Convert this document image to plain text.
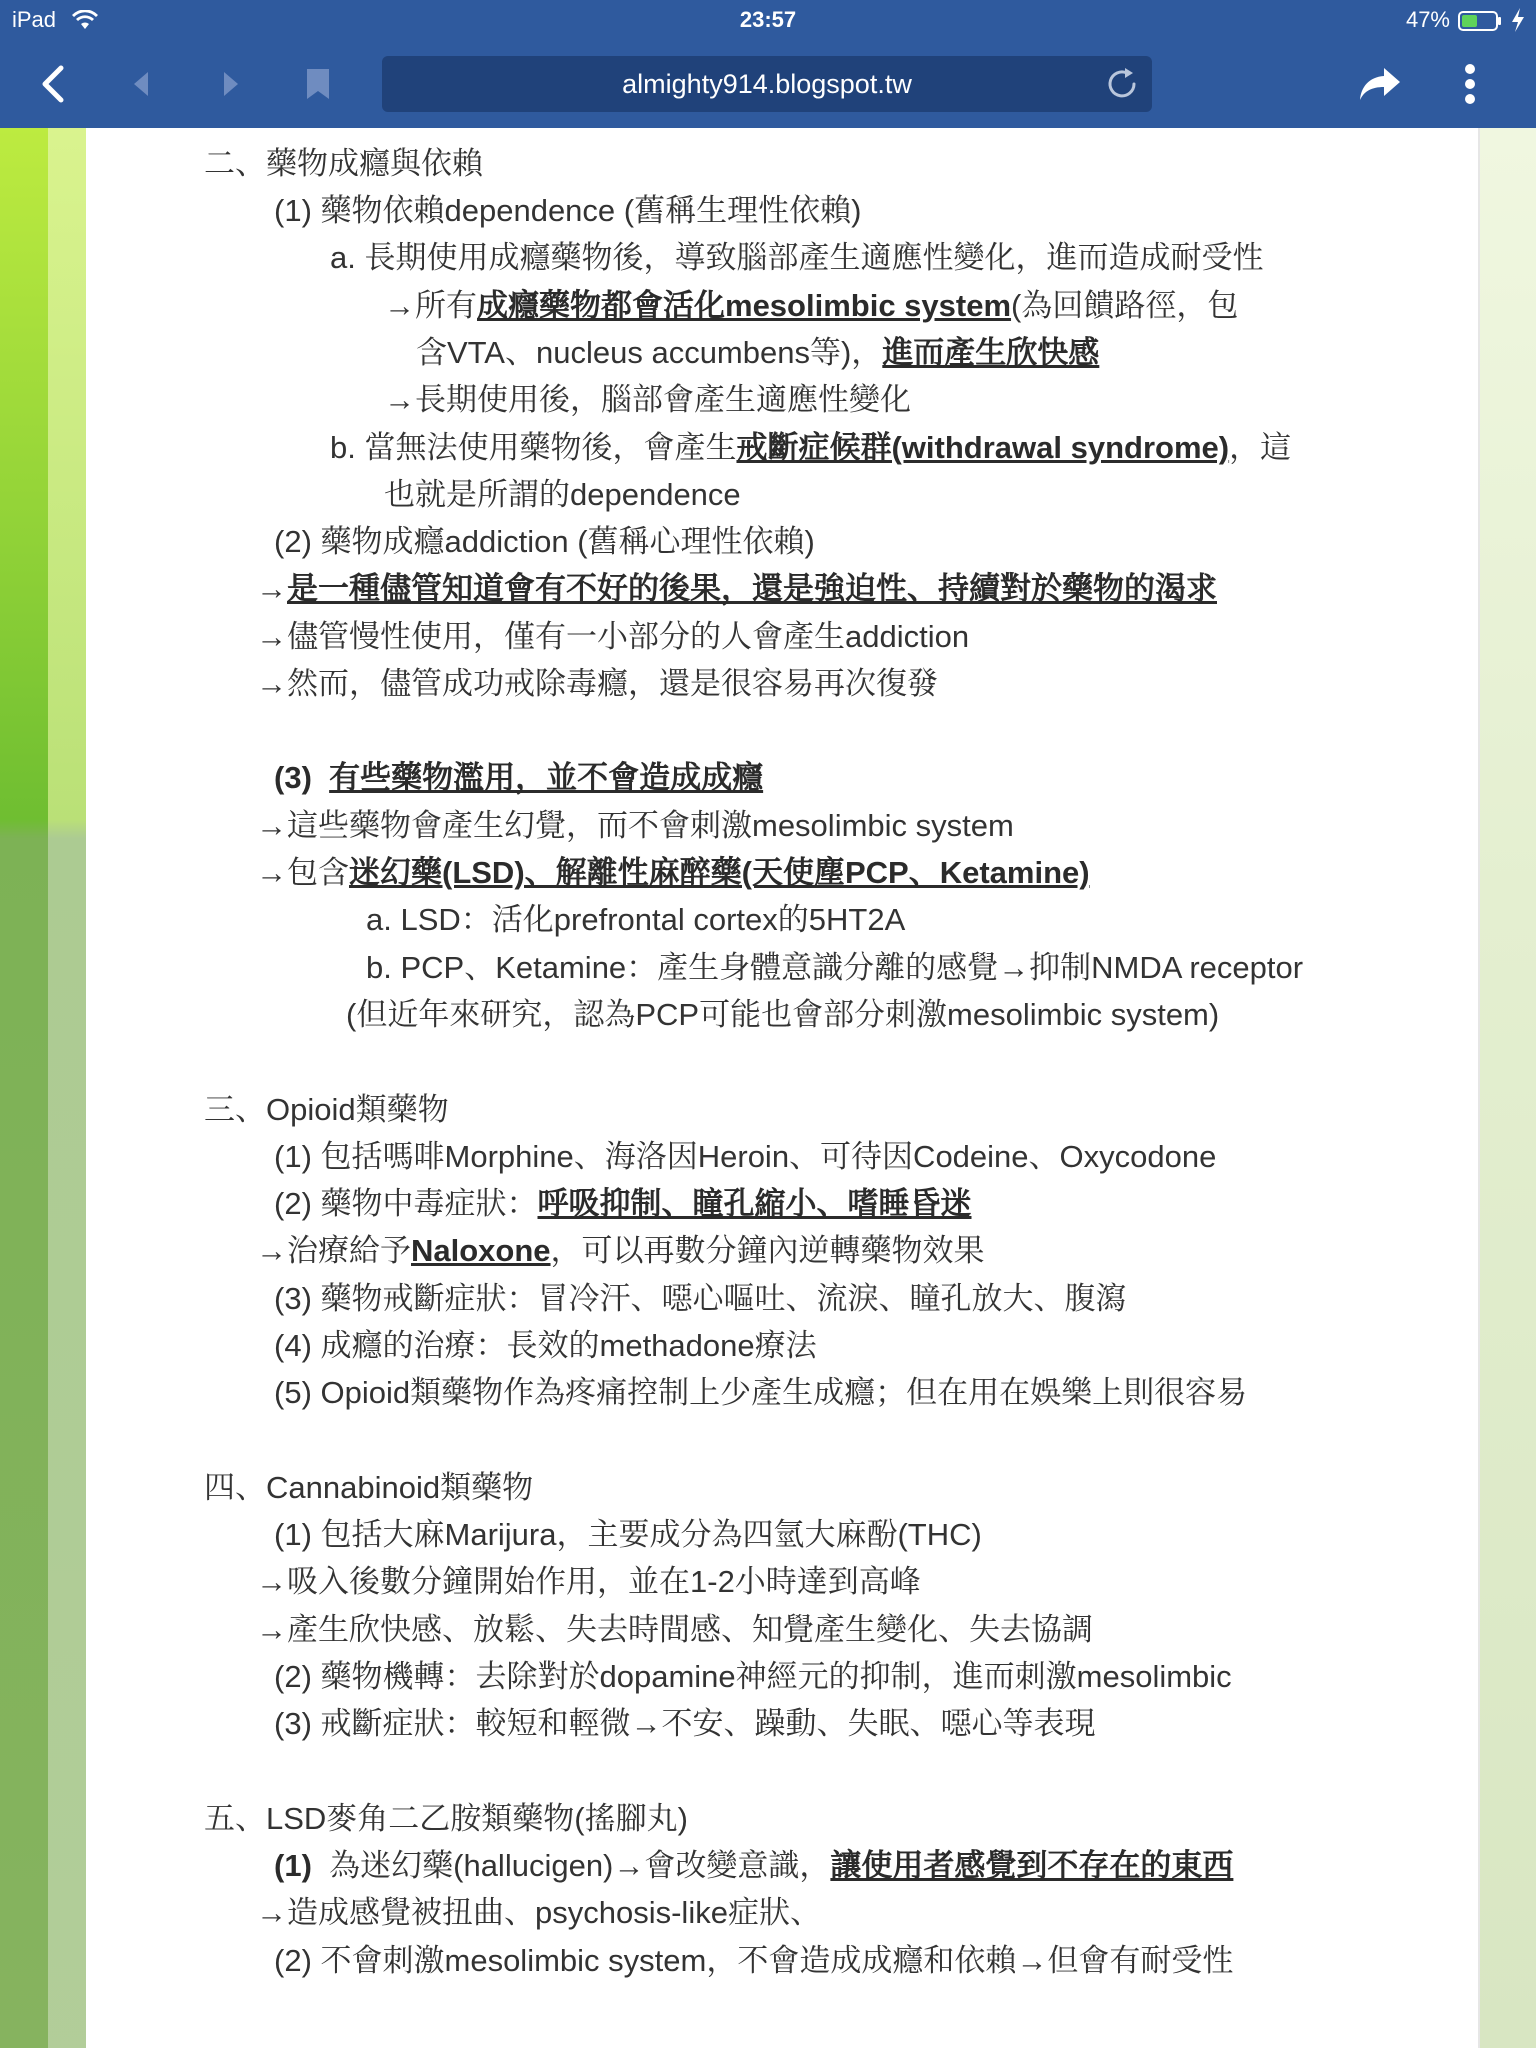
iPad	23:57	47%
almighty914.blogspot.tw
二、藥物成癮與依賴
(1) 藥物依賴dependence (舊稱生理性依賴)
a. 長期使用成癮藥物後，導致腦部產生適應性變化，進而造成耐受性
→所有成癮藥物都會活化mesolimbic system(為回饋路徑，包
含VTA、nucleus accumbens等)，進而產生欣快感
→長期使用後，腦部會產生適應性變化
b. 當無法使用藥物後，會產生戒斷症候群(withdrawal syndrome)，這
也就是所謂的dependence
(2) 藥物成癮addiction (舊稱心理性依賴)
→是一種儘管知道會有不好的後果，還是強迫性、持續對於藥物的渴求
→儘管慢性使用，僅有一小部分的人會產生addiction
→然而，儘管成功戒除毒癮，還是很容易再次復發
(3) 有些藥物濫用，並不會造成成癮
→這些藥物會產生幻覺，而不會刺激mesolimbic system
→包含迷幻藥(LSD)、解離性麻醉藥(天使塵PCP、Ketamine)
a. LSD：活化prefrontal cortex的5HT2A
b. PCP、Ketamine：產生身體意識分離的感覺→抑制NMDA receptor
(但近年來研究，認為PCP可能也會部分刺激mesolimbic system)
三、Opioid類藥物
(1) 包括嗎啡Morphine、海洛因Heroin、可待因Codeine、Oxycodone
(2) 藥物中毒症狀：呼吸抑制、瞳孔縮小、嗜睡昏迷
→治療給予Naloxone，可以再數分鐘內逆轉藥物效果
(3) 藥物戒斷症狀：冒冷汗、噁心嘔吐、流淚、瞳孔放大、腹瀉
(4) 成癮的治療：長效的methadone療法
(5) Opioid類藥物作為疼痛控制上少產生成癮；但在用在娛樂上則很容易
四、Cannabinoid類藥物
(1) 包括大麻Marijura，主要成分為四氫大麻酚(THC)
→吸入後數分鐘開始作用，並在1-2小時達到高峰
→產生欣快感、放鬆、失去時間感、知覺產生變化、失去協調
(2) 藥物機轉：去除對於dopamine神經元的抑制，進而刺激mesolimbic
(3) 戒斷症狀：較短和輕微→不安、躁動、失眠、噁心等表現
五、LSD麥角二乙胺類藥物(搖腳丸)
(1) 為迷幻藥(hallucigen)→會改變意識，讓使用者感覺到不存在的東西
→造成感覺被扭曲、psychosis-like症狀、
(2) 不會刺激mesolimbic system，不會造成成癮和依賴→但會有耐受性
